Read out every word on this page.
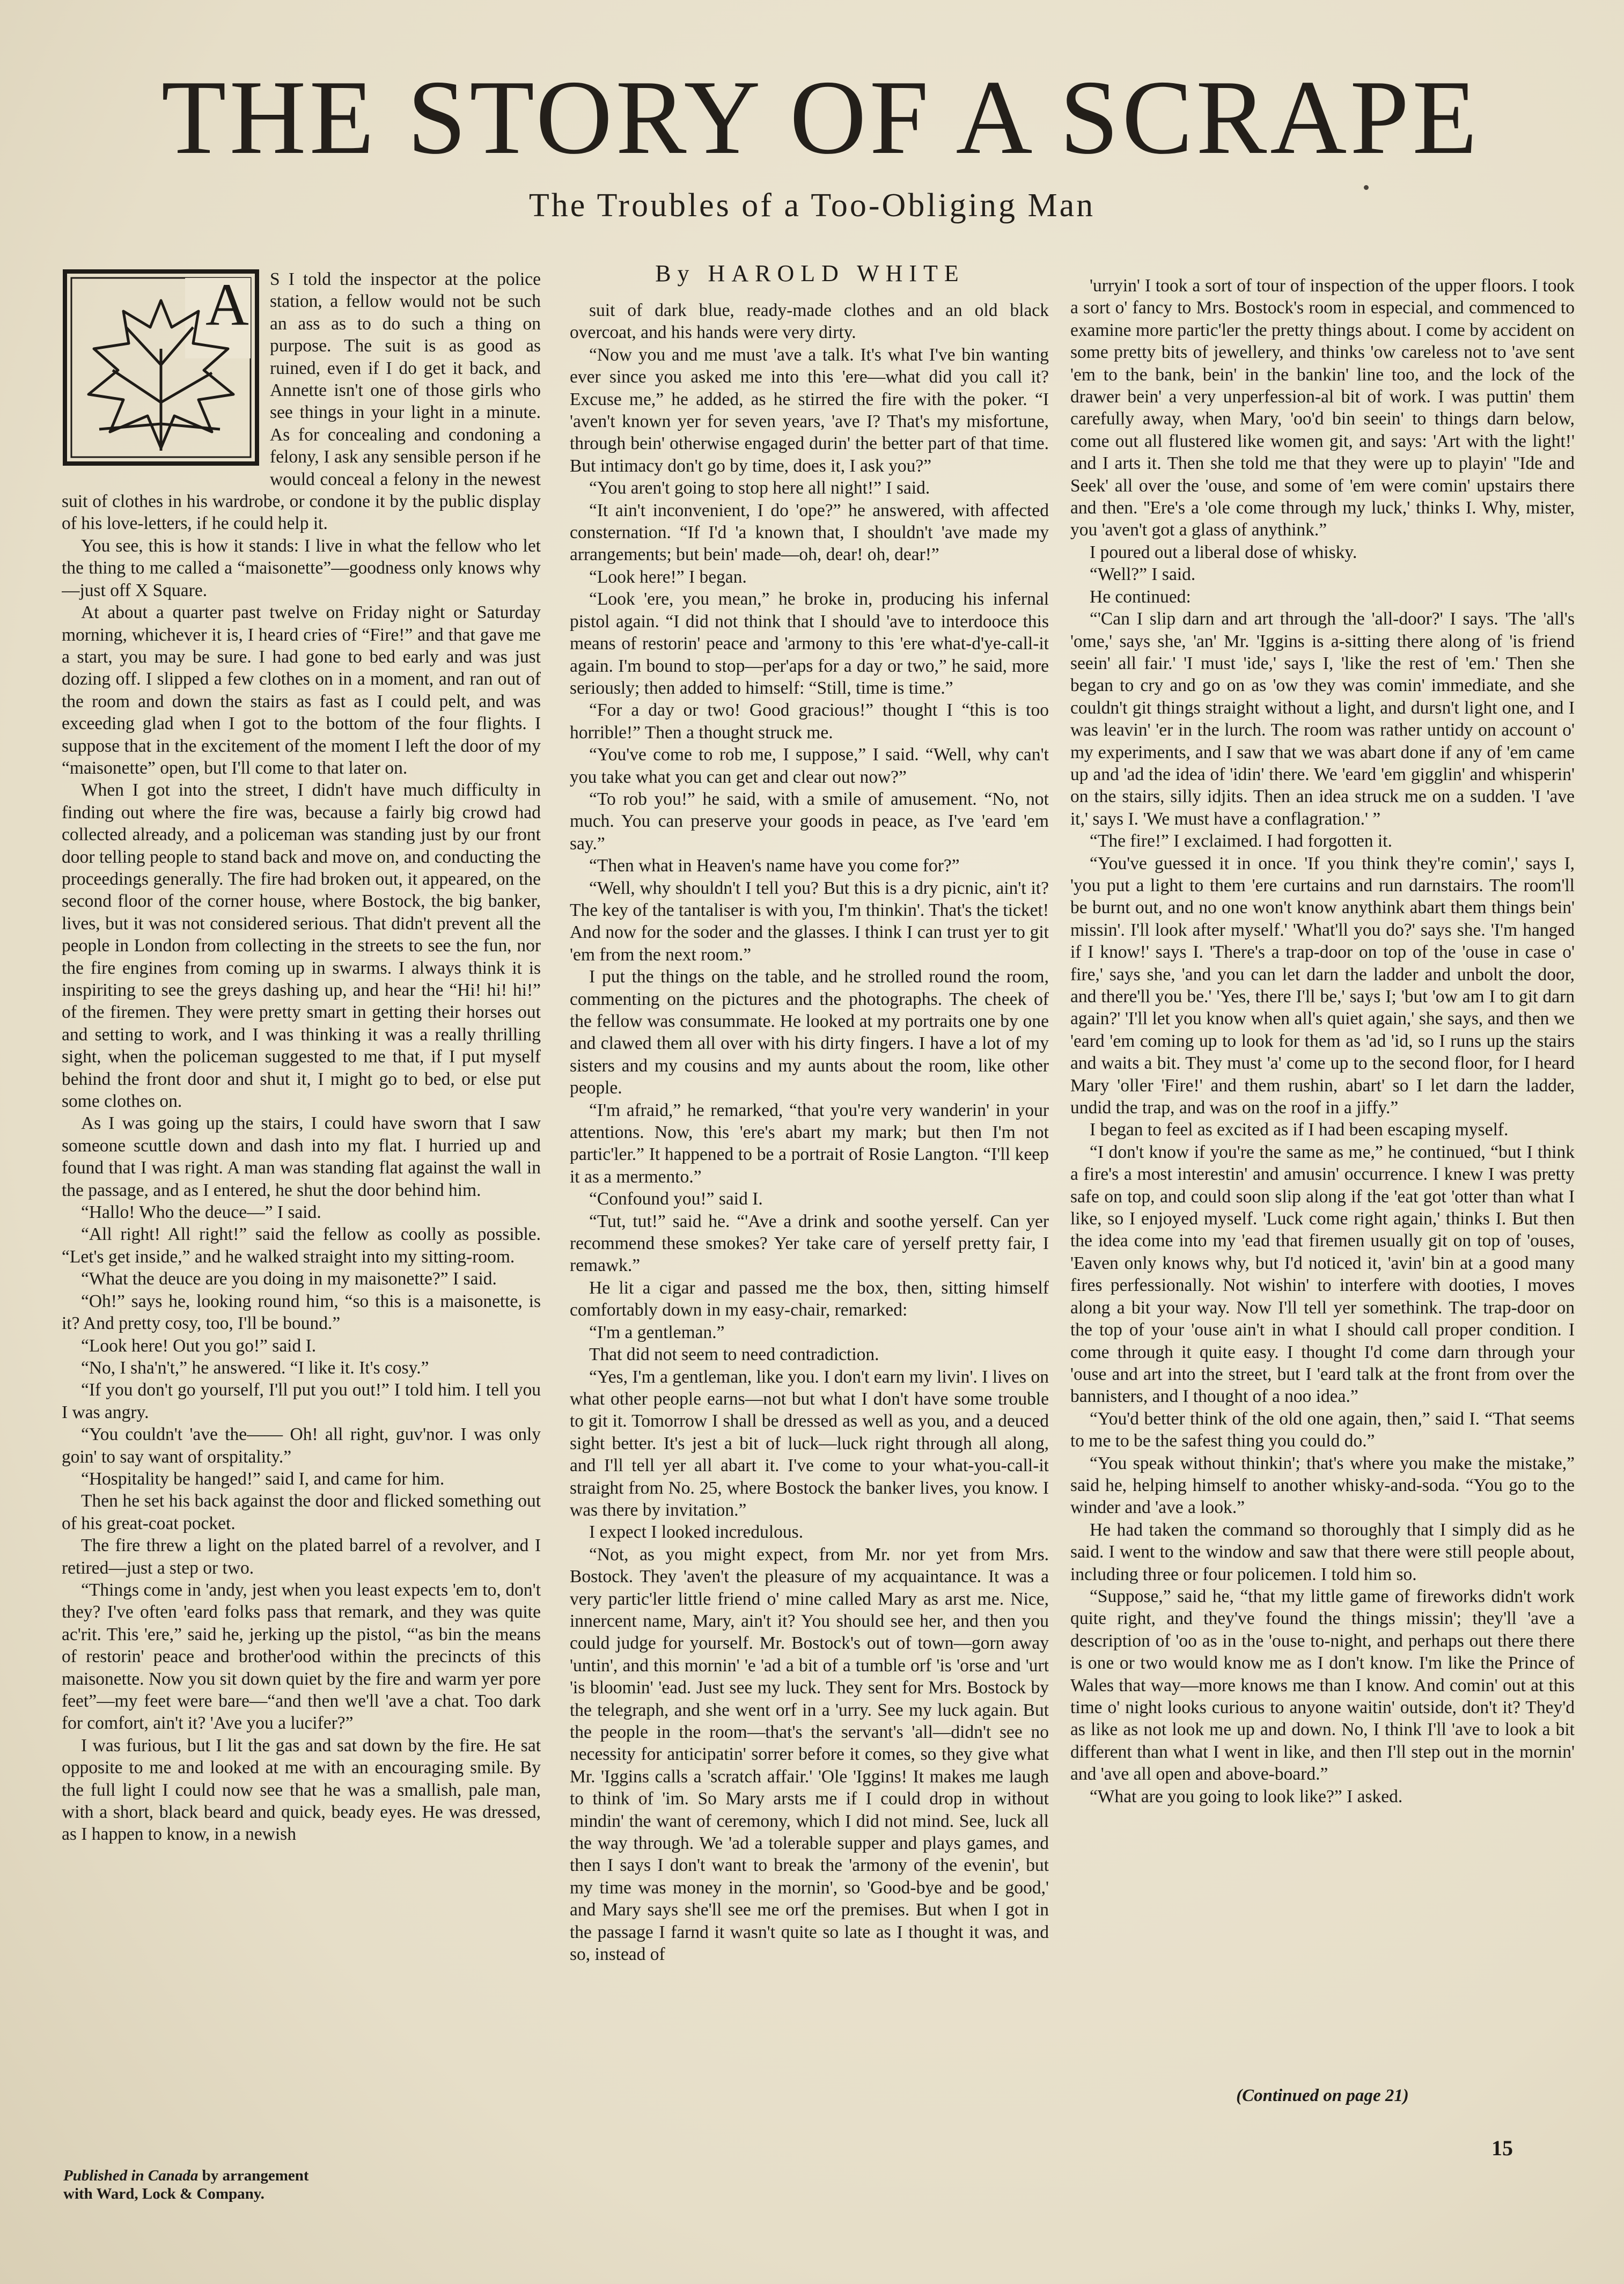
THE STORY OF A SCRAPE
The Troubles of a Too-Obliging Man
By HAROLD WHITE
A	S I told the inspector at the police station, a fellow would not be such an ass as to do such a thing on purpose. The suit is as good as ruined, even if I do get it back, and Annette isn't one of those girls who see things in your light in a minute. As for concealing and condoning a felony, I ask any sensible person if he would conceal a felony in the newest suit of clothes in his wardrobe, or condone it by the public display of his love-letters, if he could help it.

You see, this is how it stands: I live in what the fellow who let the thing to me called a “maisonette”—goodness only knows why—just off X Square.

At about a quarter past twelve on Friday night or Saturday morning, whichever it is, I heard cries of “Fire!” and that gave me a start, you may be sure. I had gone to bed early and was just dozing off. I slipped a few clothes on in a moment, and ran out of the room and down the stairs as fast as I could pelt, and was exceeding glad when I got to the bottom of the four flights. I suppose that in the excitement of the moment I left the door of my “maisonette” open, but I'll come to that later on.

When I got into the street, I didn't have much difficulty in finding out where the fire was, because a fairly big crowd had collected already, and a policeman was standing just by our front door telling people to stand back and move on, and conducting the proceedings generally. The fire had broken out, it appeared, on the second floor of the corner house, where Bostock, the big banker, lives, but it was not considered serious. That didn't prevent all the people in London from collecting in the streets to see the fun, nor the fire engines from coming up in swarms. I always think it is inspiriting to see the greys dashing up, and hear the “Hi! hi! hi!” of the firemen. They were pretty smart in getting their horses out and setting to work, and I was thinking it was a really thrilling sight, when the policeman suggested to me that, if I put myself behind the front door and shut it, I might go to bed, or else put some clothes on.

As I was going up the stairs, I could have sworn that I saw someone scuttle down and dash into my flat. I hurried up and found that I was right. A man was standing flat against the wall in the passage, and as I entered, he shut the door behind him.

“Hallo! Who the deuce—” I said.

“All right! All right!” said the fellow as coolly as possible. “Let's get inside,” and he walked straight into my sitting-room.

“What the deuce are you doing in my maisonette?” I said.

“Oh!” says he, looking round him, “so this is a maisonette, is it? And pretty cosy, too, I'll be bound.”

“Look here! Out you go!” said I.

“No, I sha'n't,” he answered. “I like it. It's cosy.”

“If you don't go yourself, I'll put you out!” I told him. I tell you I was angry.

“You couldn't 'ave the—— Oh! all right, guv'nor. I was only goin' to say want of orspitality.”

“Hospitality be hanged!” said I, and came for him.

Then he set his back against the door and flicked something out of his great-coat pocket.

The fire threw a light on the plated barrel of a revolver, and I retired—just a step or two.

“Things come in 'andy, jest when you least expects 'em to, don't they? I've often 'eard folks pass that remark, and they was quite ac'rit. This 'ere,” said he, jerking up the pistol, “'as bin the means of restorin' peace and brother'ood within the precincts of this maisonette. Now you sit down quiet by the fire and warm yer pore feet”—my feet were bare—“and then we'll 'ave a chat. Too dark for comfort, ain't it? 'Ave you a lucifer?”

I was furious, but I lit the gas and sat down by the fire. He sat opposite to me and looked at me with an encouraging smile. By the full light I could now see that he was a smallish, pale man, with a short, black beard and quick, beady eyes. He was dressed, as I happen to know, in a newish

suit of dark blue, ready-made clothes and an old black overcoat, and his hands were very dirty.

“Now you and me must 'ave a talk. It's what I've bin wanting ever since you asked me into this 'ere—what did you call it? Excuse me,” he added, as he stirred the fire with the poker. “I 'aven't known yer for seven years, 'ave I? That's my misfortune, through bein' otherwise engaged durin' the better part of that time. But intimacy don't go by time, does it, I ask you?”

“You aren't going to stop here all night!” I said.

“It ain't inconvenient, I do 'ope?” he answered, with affected consternation. “If I'd 'a known that, I shouldn't 'ave made my arrangements; but bein' made—oh, dear! oh, dear!”

“Look here!” I began.

“Look 'ere, you mean,” he broke in, producing his infernal pistol again. “I did not think that I should 'ave to interdooce this means of restorin' peace and 'armony to this 'ere what-d'ye-call-it again. I'm bound to stop—per'aps for a day or two,” he said, more seriously; then added to himself: “Still, time is time.”

“For a day or two! Good gracious!” thought I “this is too horrible!” Then a thought struck me.

“You've come to rob me, I suppose,” I said. “Well, why can't you take what you can get and clear out now?”

“To rob you!” he said, with a smile of amusement. “No, not much. You can preserve your goods in peace, as I've 'eard 'em say.”

“Then what in Heaven's name have you come for?”

“Well, why shouldn't I tell you? But this is a dry picnic, ain't it? The key of the tantaliser is with you, I'm thinkin'. That's the ticket! And now for the soder and the glasses. I think I can trust yer to git 'em from the next room.”

I put the things on the table, and he strolled round the room, commenting on the pictures and the photographs. The cheek of the fellow was consummate. He looked at my portraits one by one and clawed them all over with his dirty fingers. I have a lot of my sisters and my cousins and my aunts about the room, like other people.

“I'm afraid,” he remarked, “that you're very wanderin' in your attentions. Now, this 'ere's abart my mark; but then I'm not partic'ler.” It happened to be a portrait of Rosie Langton. “I'll keep it as a mermento.”

“Confound you!” said I.

“Tut, tut!” said he. “'Ave a drink and soothe yerself. Can yer recommend these smokes? Yer take care of yerself pretty fair, I remawk.”

He lit a cigar and passed me the box, then, sitting himself comfortably down in my easy-chair, remarked:

“I'm a gentleman.”

That did not seem to need contradiction.

“Yes, I'm a gentleman, like you. I don't earn my livin'. I lives on what other people earns—not but what I don't have some trouble to git it. Tomorrow I shall be dressed as well as you, and a deuced sight better. It's jest a bit of luck—luck right through all along, and I'll tell yer all abart it. I've come to your what-you-call-it straight from No. 25, where Bostock the banker lives, you know. I was there by invitation.”

I expect I looked incredulous.

“Not, as you might expect, from Mr. nor yet from Mrs. Bostock. They 'aven't the pleasure of my acquaintance. It was a very partic'ler little friend o' mine called Mary as arst me. Nice, innercent name, Mary, ain't it? You should see her, and then you could judge for yourself. Mr. Bostock's out of town—gorn away 'untin', and this mornin' 'e 'ad a bit of a tumble orf 'is 'orse and 'urt 'is bloomin' 'ead. Just see my luck. They sent for Mrs. Bostock by the telegraph, and she went orf in a 'urry. See my luck again. But the people in the room—that's the servant's 'all—didn't see no necessity for anticipatin' sorrer before it comes, so they give what Mr. 'Iggins calls a 'scratch affair.' 'Ole 'Iggins! It makes me laugh to think of 'im. So Mary arsts me if I could drop in without mindin' the want of ceremony, which I did not mind. See, luck all the way through. We 'ad a tolerable supper and plays games, and then I says I don't want to break the 'armony of the evenin', but my time was money in the mornin', so 'Good-bye and be good,' and Mary says she'll see me orf the premises. But when I got in the passage I farnd it wasn't quite so late as I thought it was, and so, instead of

'urryin' I took a sort of tour of inspection of the upper floors. I took a sort o' fancy to Mrs. Bostock's room in especial, and commenced to examine more partic'ler the pretty things about. I come by accident on some pretty bits of jewellery, and thinks 'ow careless not to 'ave sent 'em to the bank, bein' in the bankin' line too, and the lock of the drawer bein' a very unperfession-al bit of work. I was puttin' them carefully away, when Mary, 'oo'd bin seein' to things darn below, come out all flustered like women git, and says: 'Art with the light!' and I arts it. Then she told me that they were up to playin' ''Ide and Seek' all over the 'ouse, and some of 'em were comin' upstairs there and then. ''Ere's a 'ole come through my luck,' thinks I. Why, mister, you 'aven't got a glass of anythink.”

I poured out a liberal dose of whisky.

“Well?” I said.

He continued:

“'Can I slip darn and art through the 'all-door?' I says. 'The 'all's 'ome,' says she, 'an' Mr. 'Iggins is a-sitting there along of 'is friend seein' all fair.' 'I must 'ide,' says I, 'like the rest of 'em.' Then she began to cry and go on as 'ow they was comin' immediate, and she couldn't git things straight without a light, and dursn't light one, and I was leavin' 'er in the lurch. The room was rather untidy on account o' my experiments, and I saw that we was abart done if any of 'em came up and 'ad the idea of 'idin' there. We 'eard 'em gigglin' and whisperin' on the stairs, silly idjits. Then an idea struck me on a sudden. 'I 'ave it,' says I. 'We must have a conflagration.' ”

“The fire!” I exclaimed. I had forgotten it.

“You've guessed it in once. 'If you think they're comin',' says I, 'you put a light to them 'ere curtains and run darnstairs. The room'll be burnt out, and no one won't know anythink abart them things bein' missin'. I'll look after myself.' 'What'll you do?' says she. 'I'm hanged if I know!' says I. 'There's a trap-door on top of the 'ouse in case o' fire,' says she, 'and you can let darn the ladder and unbolt the door, and there'll you be.' 'Yes, there I'll be,' says I; 'but 'ow am I to git darn again?' 'I'll let you know when all's quiet again,' she says, and then we 'eard 'em coming up to look for them as 'ad 'id, so I runs up the stairs and waits a bit. They must 'a' come up to the second floor, for I heard Mary 'oller 'Fire!' and them rushin, abart' so I let darn the ladder, undid the trap, and was on the roof in a jiffy.”

I began to feel as excited as if I had been escaping myself.

“I don't know if you're the same as me,” he continued, “but I think a fire's a most interestin' and amusin' occurrence. I knew I was pretty safe on top, and could soon slip along if the 'eat got 'otter than what I like, so I enjoyed myself. 'Luck come right again,' thinks I. But then the idea come into my 'ead that firemen usually git on top of 'ouses, 'Eaven only knows why, but I'd noticed it, 'avin' bin at a good many fires perfessionally. Not wishin' to interfere with dooties, I moves along a bit your way. Now I'll tell yer somethink. The trap-door on the top of your 'ouse ain't in what I should call proper condition. I come through it quite easy. I thought I'd come darn through your 'ouse and art into the street, but I 'eard talk at the front from over the bannisters, and I thought of a noo idea.”

“You'd better think of the old one again, then,” said I. “That seems to me to be the safest thing you could do.”

“You speak without thinkin'; that's where you make the mistake,” said he, helping himself to another whisky-and-soda. “You go to the winder and 'ave a look.”

He had taken the command so thoroughly that I simply did as he said. I went to the window and saw that there were still people about, including three or four policemen. I told him so.

“Suppose,” said he, “that my little game of fireworks didn't work quite right, and they've found the things missin'; they'll 'ave a description of 'oo as in the 'ouse to-night, and perhaps out there there is one or two would know me as I don't know. I'm like the Prince of Wales that way—more knows me than I know. And comin' out at this time o' night looks curious to anyone waitin' outside, don't it? They'd as like as not look me up and down. No, I think I'll 'ave to look a bit different than what I went in like, and then I'll step out in the mornin' and 'ave all open and above-board.”

“What are you going to look like?” I asked.

Published in Canada by arrangement with Ward, Lock & Company.
(Continued on page 21)
15
